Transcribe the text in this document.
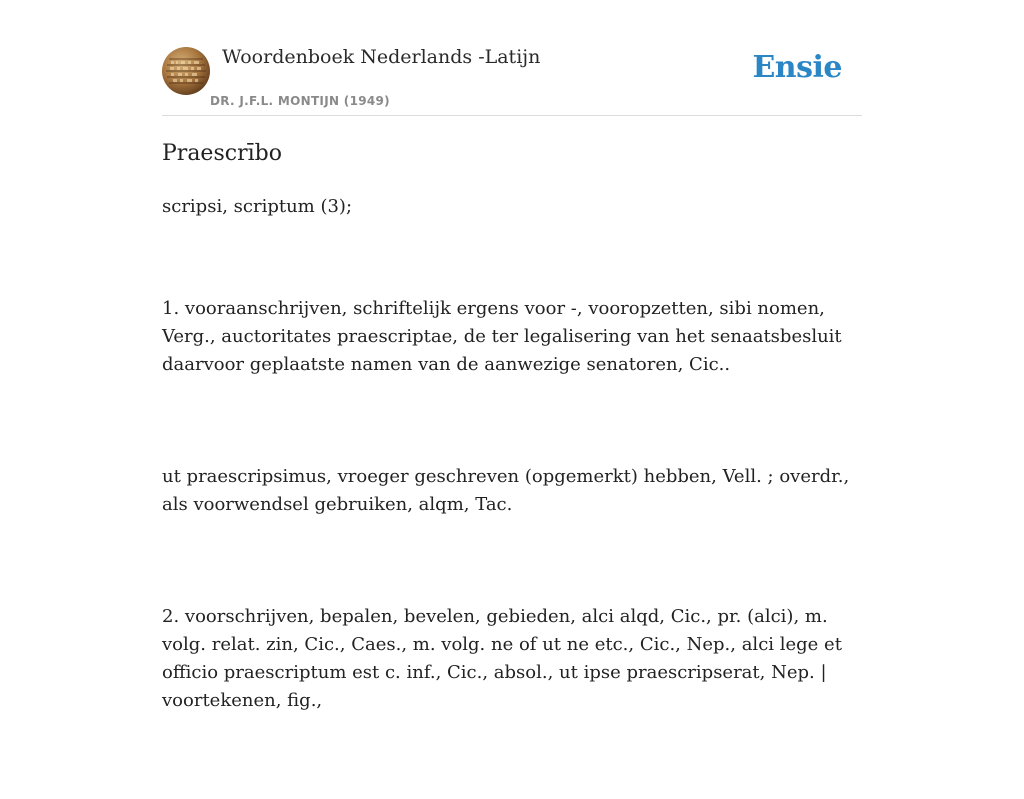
Woordenboek Nederlands -Latijn
DR. J.F.L. MONTIJN (1949)
Ensie
Praescrībo
scripsi, scriptum (3);

1. vooraanschrijven, schriftelijk ergens voor -, vooropzetten, sibi nomen, Verg., auctoritates praescriptae, de ter legalisering van het senaatsbesluit daarvoor geplaatste namen van de aanwezige senatoren, Cic..

ut praescripsimus, vroeger geschreven (opgemerkt) hebben, Vell. ; overdr., als voorwendsel gebruiken, alqm, Tac.

2. voorschrijven, bepalen, bevelen, gebieden, alci alqd, Cic., pr. (alci), m. volg. relat. zin, Cic., Caes., m. volg. ne of ut ne etc., Cic., Nep., alci lege et officio praescriptum est c. inf., Cic., absol., ut ipse praescripserat, Nep. | voortekenen, fig.,
